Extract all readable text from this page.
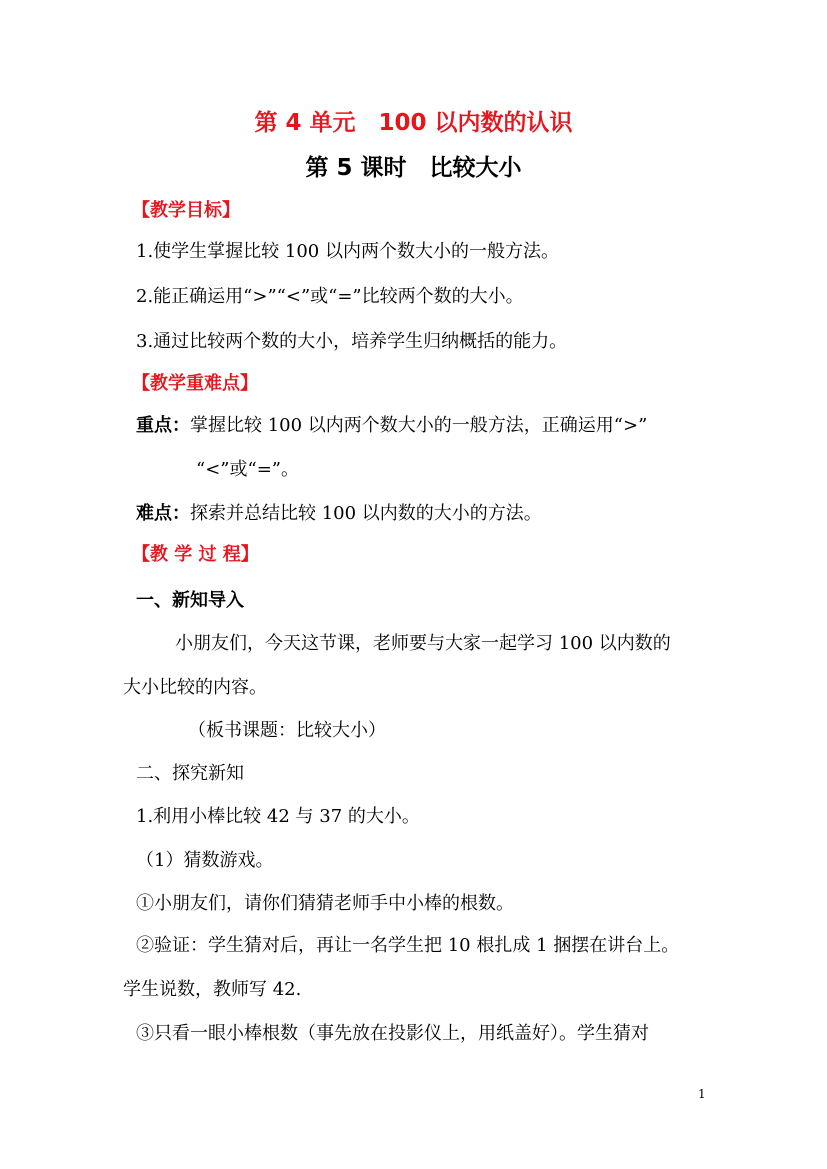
第 4 单元　100 以内数的认识
第 5 课时　比较大小
【教学目标】
1.使学生掌握比较 100 以内两个数大小的一般方法。
2.能正确运用“>”“<”或“=”比较两个数的大小。
3.通过比较两个数的大小，培养学生归纳概括的能力。
【教学重难点】
重点：掌握比较 100 以内两个数大小的一般方法，正确运用“>”
“<”或“=”。
难点：探索并总结比较 100 以内数的大小的方法。
【教 学 过 程】
一、新知导入
小朋友们，今天这节课，老师要与大家一起学习 100 以内数的
大小比较的内容。
（板书课题：比较大小）
二、探究新知
1.利用小棒比较 42 与 37 的大小。
（1）猜数游戏。
①小朋友们，请你们猜猜老师手中小棒的根数。
②验证：学生猜对后，再让一名学生把 10 根扎成 1 捆摆在讲台上。
学生说数，教师写 42.
③只看一眼小棒根数（事先放在投影仪上，用纸盖好）。学生猜对
1
